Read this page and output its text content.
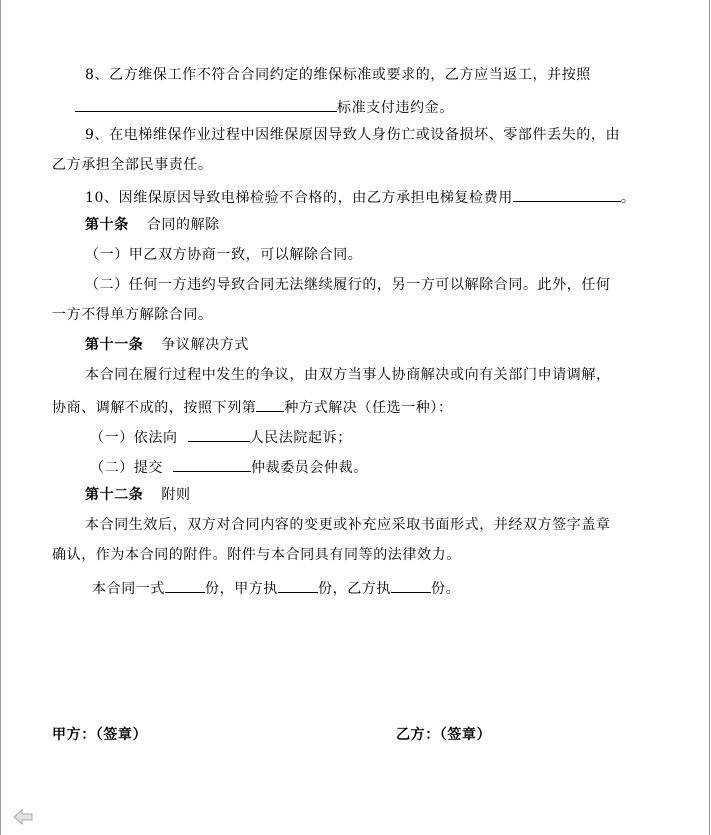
8、乙方维保工作不符合合同约定的维保标准或要求的，乙方应当返工，并按照
标准支付违约金。
9、在电梯维保作业过程中因维保原因导致人身伤亡或设备损坏、零部件丢失的，由
乙方承担全部民事责任。
10、因维保原因导致电梯检验不合格的，由乙方承担电梯复检费用	。
第十条 合同的解除
（一）甲乙双方协商一致，可以解除合同。
（二）任何一方违约导致合同无法继续履行的，另一方可以解除合同。此外，任何
一方不得单方解除合同。
第十一条 争议解决方式
本合同在履行过程中发生的争议，由双方当事人协商解决或向有关部门申请调解，
协商、调解不成的，按照下列第 种方式解决（任选一种）：
（一）依法向	人民法院起诉；
（二）提交	仲裁委员会仲裁。
第十二条 附则
本合同生效后，双方对合同内容的变更或补充应采取书面形式，并经双方签字盖章
确认，作为本合同的附件。附件与本合同具有同等的法律效力。
本合同一式	份，甲方执	份，乙方执	份。
甲方：（签章）	乙方：（签章）
